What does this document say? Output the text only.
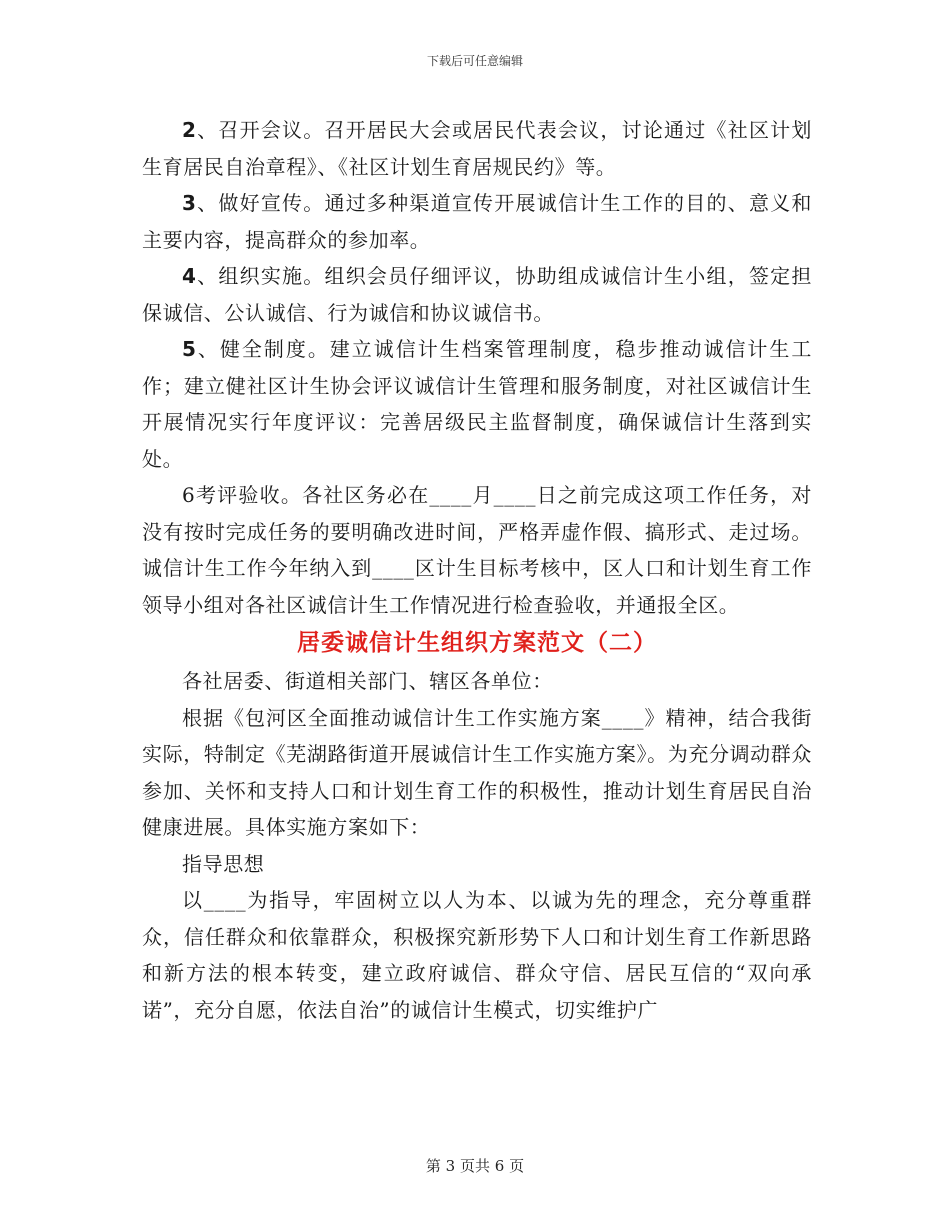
下载后可任意编辑

2、召开会议。召开居民大会或居民代表会议，讨论通过《社区计划生育居民自治章程》、《社区计划生育居规民约》等。

3、做好宣传。通过多种渠道宣传开展诚信计生工作的目的、意义和主要内容，提高群众的参加率。

4、组织实施。组织会员仔细评议，协助组成诚信计生小组，签定担保诚信、公认诚信、行为诚信和协议诚信书。

5、健全制度。建立诚信计生档案管理制度，稳步推动诚信计生工作；建立健社区计生协会评议诚信计生管理和服务制度，对社区诚信计生开展情况实行年度评议：完善居级民主监督制度，确保诚信计生落到实处。

6考评验收。各社区务必在____月____日之前完成这项工作任务，对没有按时完成任务的要明确改进时间，严格弄虚作假、搞形式、走过场。诚信计生工作今年纳入到____区计生目标考核中，区人口和计划生育工作领导小组对各社区诚信计生工作情况进行检查验收，并通报全区。

居委诚信计生组织方案范文（二）

各社居委、街道相关部门、辖区各单位：

根据《包河区全面推动诚信计生工作实施方案____》精神，结合我街实际，特制定《芜湖路街道开展诚信计生工作实施方案》。为充分调动群众参加、关怀和支持人口和计划生育工作的积极性，推动计划生育居民自治健康进展。具体实施方案如下：

指导思想

以____为指导，牢固树立以人为本、以诚为先的理念，充分尊重群众，信任群众和依靠群众，积极探究新形势下人口和计划生育工作新思路和新方法的根本转变，建立政府诚信、群众守信、居民互信的“双向承诺”，充分自愿，依法自治”的诚信计生模式，切实维护广

第 3 页共 6 页
